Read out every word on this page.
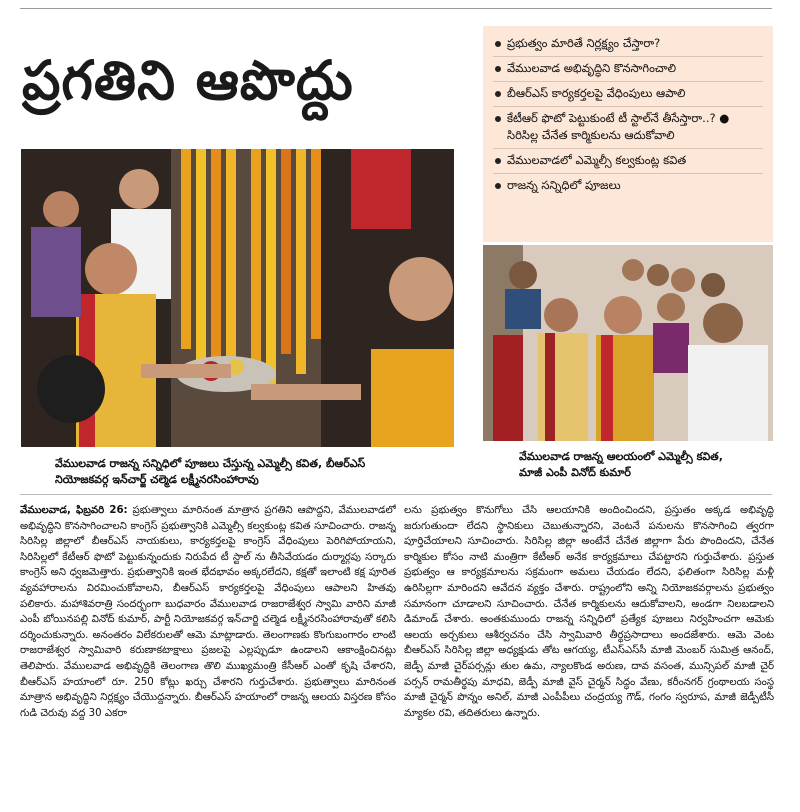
ప్రగతిని ఆపొద్దు
ప్రభుత్వం మారితే నిర్లక్ష్యం చేస్తారా?
వేములవాడ అభివృద్ధిని కొనసాగించాలి
బీఆర్ఎస్ కార్యకర్తలపై వేధింపులు ఆపాలి
కేటీఆర్ ఫొటో పెట్టుకుంటే టీ స్టాల్‌నే తీసేస్తారా..? ● సిరిసిల్ల చేనేత కార్మికులను ఆదుకోవాలి
వేములవాడలో ఎమ్మెల్సీ కల్వకుంట్ల కవిత
రాజన్న సన్నిధిలో పూజలు
వేములవాడ రాజన్న సన్నిధిలో పూజలు చేస్తున్న ఎమ్మెల్సీ కవిత, బీఆర్ఎస్
నియోజకవర్గ ఇన్‌చార్జ్ చల్మెడ లక్ష్మీనరసింహారావు
వేములవాడ రాజన్న ఆలయంలో ఎమ్మెల్సీ కవిత,
మాజీ ఎంపీ వినోద్ కుమార్
వేములవాడ, ఫిబ్రవరి 26: ప్రభుత్వాలు మారినంత మాత్రాన ప్రగతిని ఆపొద్దని, వేములవాడలో అభివృద్ధిని కొనసాగించాలని కాంగ్రెస్ ప్రభుత్వానికి ఎమ్మెల్సీ కల్వకుంట్ల కవిత సూచించారు. రాజన్న సిరిసిల్ల జిల్లాలో బీఆర్ఎస్ నాయకులు, కార్యకర్తలపై కాంగ్రెస్ వేధింపులు పెరిగిపోయాయని, సిరిసిల్లలో కేటీఆర్ ఫొటో పెట్టుకున్నందుకు నిరుపేద టీ స్టాల్ ను తీసివేయడం దుర్మార్గపు సర్కారు కాంగ్రెస్ అని ధ్వజమెత్తారు. ప్రభుత్వానికి ఇంత భేదభావం అక్కరలేదని, కక్షతో ఇలాంటి కక్ష పూరిత వ్యవహారాలను విరమించుకోవాలని, బీఆర్ఎస్ కార్యకర్తలపై వేధింపులు ఆపాలని హితవు పలికారు. మహాశివరాత్రి సందర్భంగా బుధవారం వేములవాడ రాజరాజేశ్వర స్వామి వారిని మాజీ ఎంపీ బోయినపల్లి వినోద్ కుమార్, పార్టీ నియోజకవర్గ ఇన్‌చార్జి చల్మెడ లక్ష్మీనరసింహారావుతో కలిసి దర్శించుకున్నారు. అనంతరం విలేకరులతో ఆమె మాట్లాడారు. తెలంగాణకు కొంగుబంగారం లాంటి రాజరాజేశ్వర స్వామివారి కరుణాకటాక్షాలు ప్రజలపై ఎల్లప్పుడూ ఉండాలని ఆకాంక్షించినట్లు తెలిపారు. వేములవాడ అభివృద్ధికి తెలంగాణ తొలి ముఖ్యమంత్రి కేసీఆర్ ఎంతో కృషి చేశారని, బీఆర్ఎస్ హయాంలో రూ. 250 కోట్లు ఖర్చు చేశారని గుర్తుచేశారు. ప్రభుత్వాలు మారినంత మాత్రాన అభివృద్ధిని నిర్లక్ష్యం చేయొద్దన్నారు. బీఆర్ఎస్ హయాంలో రాజన్న ఆలయ విస్తరణ కోసం గుడి చెరువు వద్ద 30 ఎకరా
లను ప్రభుత్వం కొనుగోలు చేసి ఆలయానికి అందించిందని, ప్రస్తుతం అక్కడ అభివృద్ధి జరుగుతుందా లేదని స్థానికులు చెబుతున్నారని, వెంటనే పనులను కొనసాగించి త్వరగా పూర్తిచేయాలని సూచించారు. సిరిసిల్ల జిల్లా అంటేనే చేనేత జిల్లాగా పేరు పొందిందని, చేనేత కార్మికుల కోసం నాటి మంత్రిగా కేటీఆర్ అనేక కార్యక్రమాలు చేపట్టారని గుర్తుచేశారు. ప్రస్తుత ప్రభుత్వం ఆ కార్యక్రమాలను సక్రమంగా అమలు చేయడం లేదని, ఫలితంగా సిరిసిల్ల మళ్లీ ఉరిసిల్లగా మారిందని ఆవేదన వ్యక్తం చేశారు. రాష్ట్రంలోని అన్ని నియోజకవర్గాలను ప్రభుత్వం సమానంగా చూడాలని సూచించారు. చేనేత కార్మికులను ఆదుకోవాలని, అండగా నిలబడాలని డిమాండ్ చేశారు. అంతకుముందు రాజన్న సన్నిధిలో ప్రత్యేక పూజలు నిర్వహించగా ఆమెకు ఆలయ అర్చకులు ఆశీర్వచనం చేసి స్వామివారి తీర్థప్రసాదాలు అందజేశారు. ఆమె వెంట బీఆర్ఎస్ సిరిసిల్ల జిల్లా అధ్యక్షుడు తోట ఆగయ్య, టీఎస్ఎస్‌సీ మాజీ మెంబర్ సుమిత్ర ఆనంద్, జెడ్పీ మాజీ చైర్‌పర్సన్లు తుల ఉమ, న్యాలకొండ అరుణ, దావ వసంత, మున్సిపల్ మాజీ చైర్ పర్సన్ రామతీర్థపు మాధవి, జెడ్పీ మాజీ వైస్ చైర్మన్ సిద్ధం వేణు, కరీంనగర్ గ్రంథాలయ సంస్థ మాజీ చైర్మన్ పొన్నం అనిల్, మాజీ ఎంపీపీలు చంద్రయ్య గౌడ్, గంగం స్వరూప, మాజీ జెడ్పీటీసీ మ్యాకల రవి, తదితరులు ఉన్నారు.
